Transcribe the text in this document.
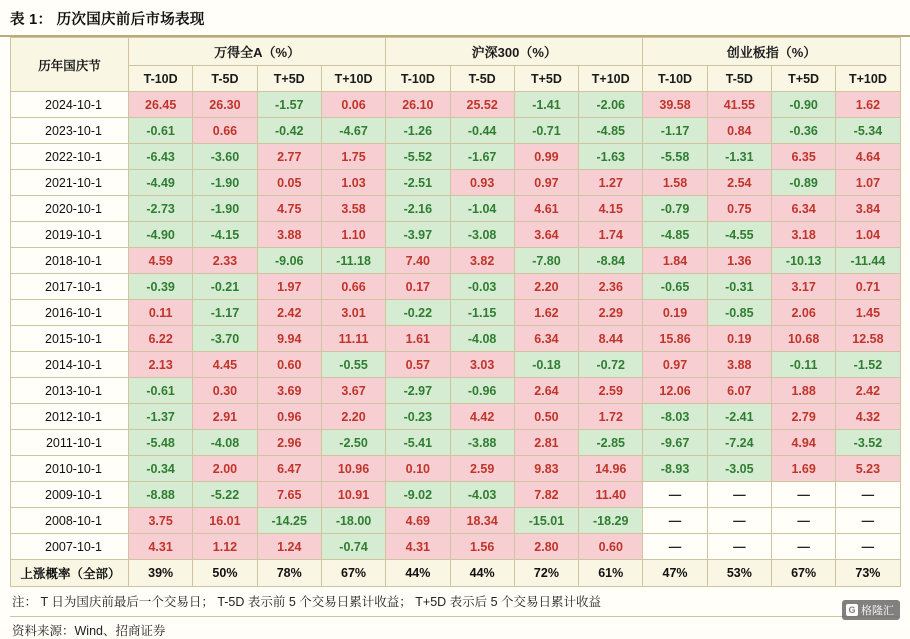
表 1： 历次国庆前后市场表现
历年国庆节	万得全A（%）				沪深300（%）				创业板指（%）			
	T-10D	T-5D	T+5D	T+10D	T-10D	T-5D	T+5D	T+10D	T-10D	T-5D	T+5D	T+10D
2024-10-1	26.45	26.30	-1.57	0.06	26.10	25.52	-1.41	-2.06	39.58	41.55	-0.90	1.62
2023-10-1	-0.61	0.66	-0.42	-4.67	-1.26	-0.44	-0.71	-4.85	-1.17	0.84	-0.36	-5.34
2022-10-1	-6.43	-3.60	2.77	1.75	-5.52	-1.67	0.99	-1.63	-5.58	-1.31	6.35	4.64
2021-10-1	-4.49	-1.90	0.05	1.03	-2.51	0.93	0.97	1.27	1.58	2.54	-0.89	1.07
2020-10-1	-2.73	-1.90	4.75	3.58	-2.16	-1.04	4.61	4.15	-0.79	0.75	6.34	3.84
2019-10-1	-4.90	-4.15	3.88	1.10	-3.97	-3.08	3.64	1.74	-4.85	-4.55	3.18	1.04
2018-10-1	4.59	2.33	-9.06	-11.18	7.40	3.82	-7.80	-8.84	1.84	1.36	-10.13	-11.44
2017-10-1	-0.39	-0.21	1.97	0.66	0.17	-0.03	2.20	2.36	-0.65	-0.31	3.17	0.71
2016-10-1	0.11	-1.17	2.42	3.01	-0.22	-1.15	1.62	2.29	0.19	-0.85	2.06	1.45
2015-10-1	6.22	-3.70	9.94	11.11	1.61	-4.08	6.34	8.44	15.86	0.19	10.68	12.58
2014-10-1	2.13	4.45	0.60	-0.55	0.57	3.03	-0.18	-0.72	0.97	3.88	-0.11	-1.52
2013-10-1	-0.61	0.30	3.69	3.67	-2.97	-0.96	2.64	2.59	12.06	6.07	1.88	2.42
2012-10-1	-1.37	2.91	0.96	2.20	-0.23	4.42	0.50	1.72	-8.03	-2.41	2.79	4.32
2011-10-1	-5.48	-4.08	2.96	-2.50	-5.41	-3.88	2.81	-2.85	-9.67	-7.24	4.94	-3.52
2010-10-1	-0.34	2.00	6.47	10.96	0.10	2.59	9.83	14.96	-8.93	-3.05	1.69	5.23
2009-10-1	-8.88	-5.22	7.65	10.91	-9.02	-4.03	7.82	11.40	—	—	—	—
2008-10-1	3.75	16.01	-14.25	-18.00	4.69	18.34	-15.01	-18.29	—	—	—	—
2007-10-1	4.31	1.12	1.24	-0.74	4.31	1.56	2.80	0.60	—	—	—	—
上涨概率（全部）	39%	50%	78%	67%	44%	44%	72%	61%	47%	53%	67%	73%
注： T 日为国庆前最后一个交易日； T-5D 表示前 5 个交易日累计收益； T+5D 表示后 5 个交易日累计收益
资料来源：Wind、招商证券
G 格隆汇
